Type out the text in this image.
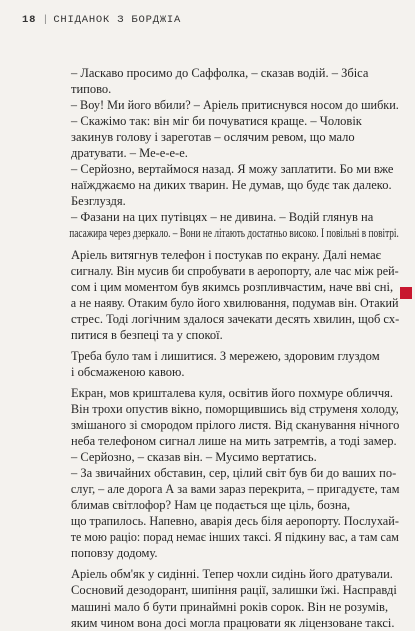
18 | СНІДАНОК З БОРДЖІА

– Ласкаво просимо до Саффолка, – сказав водій. – Збіса

типово.

– Воу! Ми його вбили? – Аріель притиснувся носом до шибки.

– Скажімо так: він міг би почуватися краще. – Чоловік

закинув голову і зареготав – ослячим ревом, що мало

дратувати. – Ме-е-е-е.

– Серйозно, вертаймося назад. Я можу заплатити. Бо ми вже

наїжджаємо на диких тварин. Не думав, що будє так далеко.

Безглуздя.

– Фазани на цих путівцях – не дивина. – Водій глянув на

пасажира через дзеркало. – Вони не літають достатньо високо. І повільні в повітрі.

Аріель витягнув телефон і постукав по екрану. Далі немає

сигналу. Він мусив би спробувати в аеропорту, але час між рей-

сом і цим моментом був якимсь розпливчастим, наче вві сні,

а не наяву. Отаким було його хвилювання, подумав він. Отакий

стрес. Тоді логічним здалося зачекати десять хвилин, щоб сх-

питися в безпеці та у спокої.

Треба було там і лишитися. З мережею, здоровим глуздом

і обсмаженою кавою.

Екран, мов кришталева куля, освітив його похмуре обличчя.

Він трохи опустив вікно, поморщившись від струменя холоду,

змішаного зі смородом прілого листя. Від сканування нічного

неба телефоном сигнал лише на мить затремтів, а тоді замер.

– Серйозно, – сказав він. – Мусимо вертатись.

– За звичайних обставин, сер, цілий світ був би до ваших по-

слуг, – але дорога А за вами зараз перекрита, – пригадуєте, там

блимав світлофор? Нам це подається ще ціль, бозна,

що трапилось. Напевно, аварія десь біля аеропорту. Послухай-

те мою раціо: порад немає інших таксі. Я підкину вас, а там сам

поповзу додому.

Аріель обм'як у сидінні. Тепер чохли сидінь його дратували.

Сосновий дезодорант, шипіння рації, залишки їжі. Насправді

машині мало б бути принаймні років сорок. Він не розумів,

яким чином вона досі могла працювати як ліцензоване таксі.
